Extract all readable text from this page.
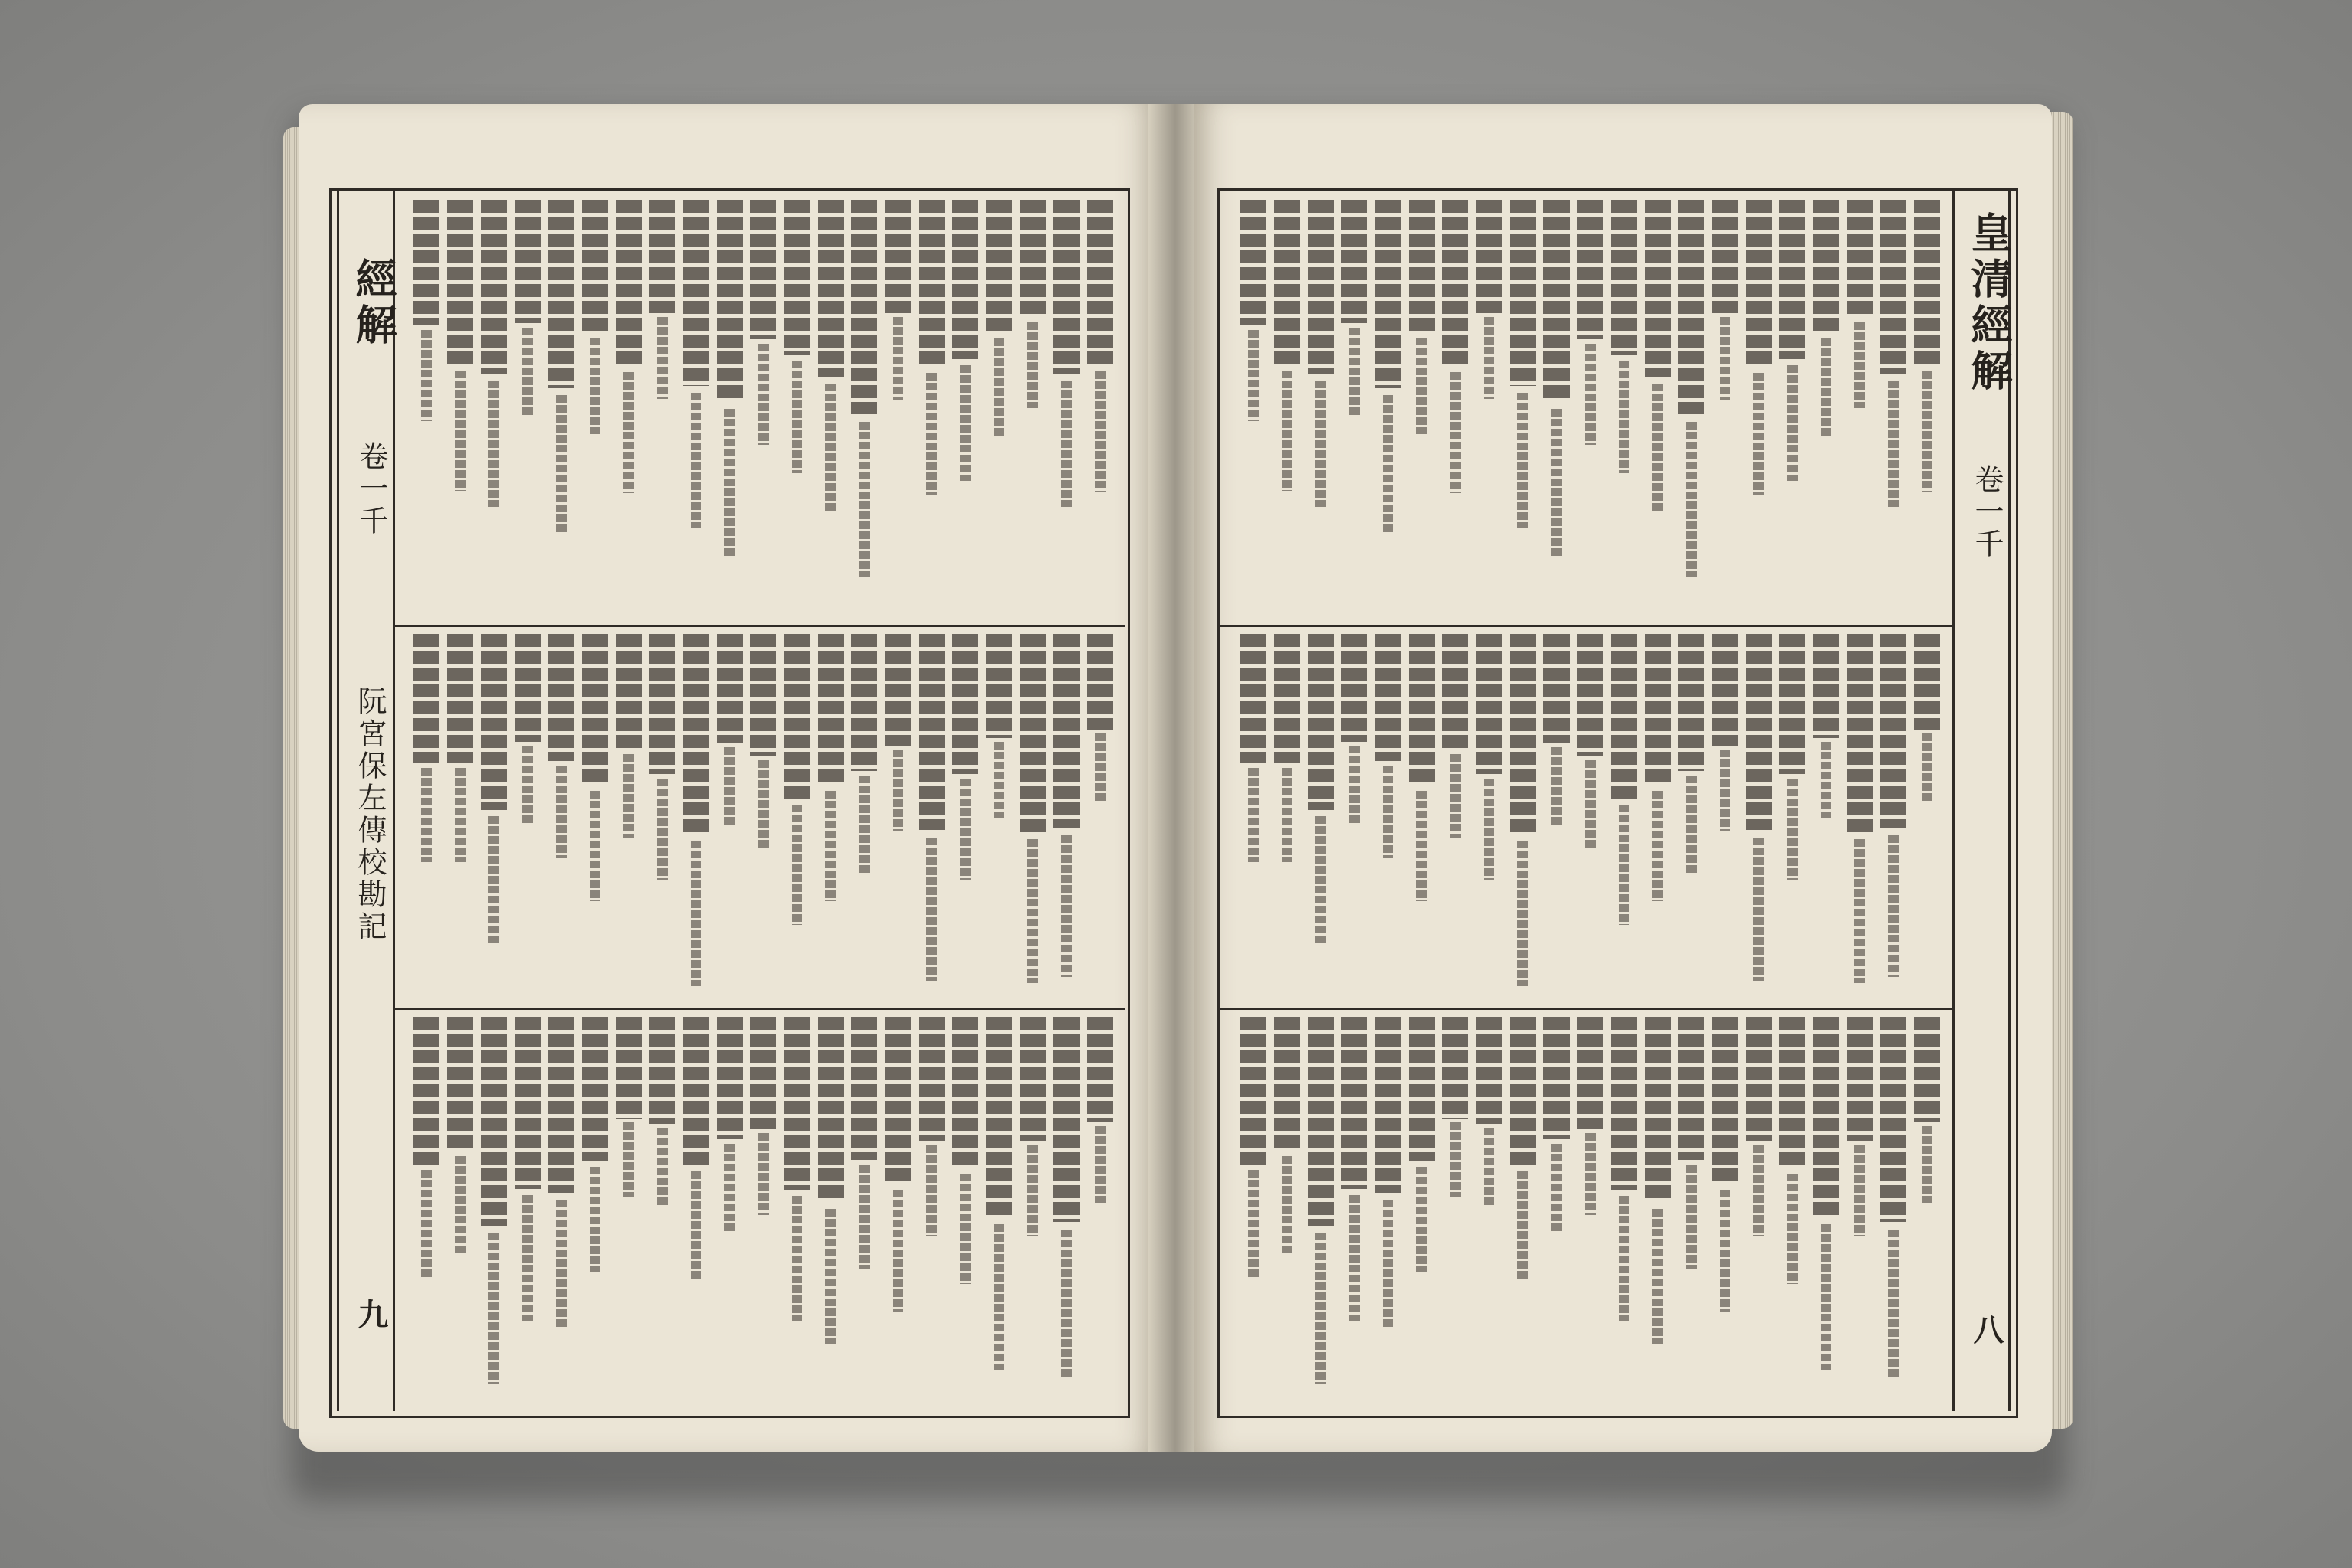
經解
卷一千
阮宮保左傳校勘記
九
皇清經解
卷一千
八
